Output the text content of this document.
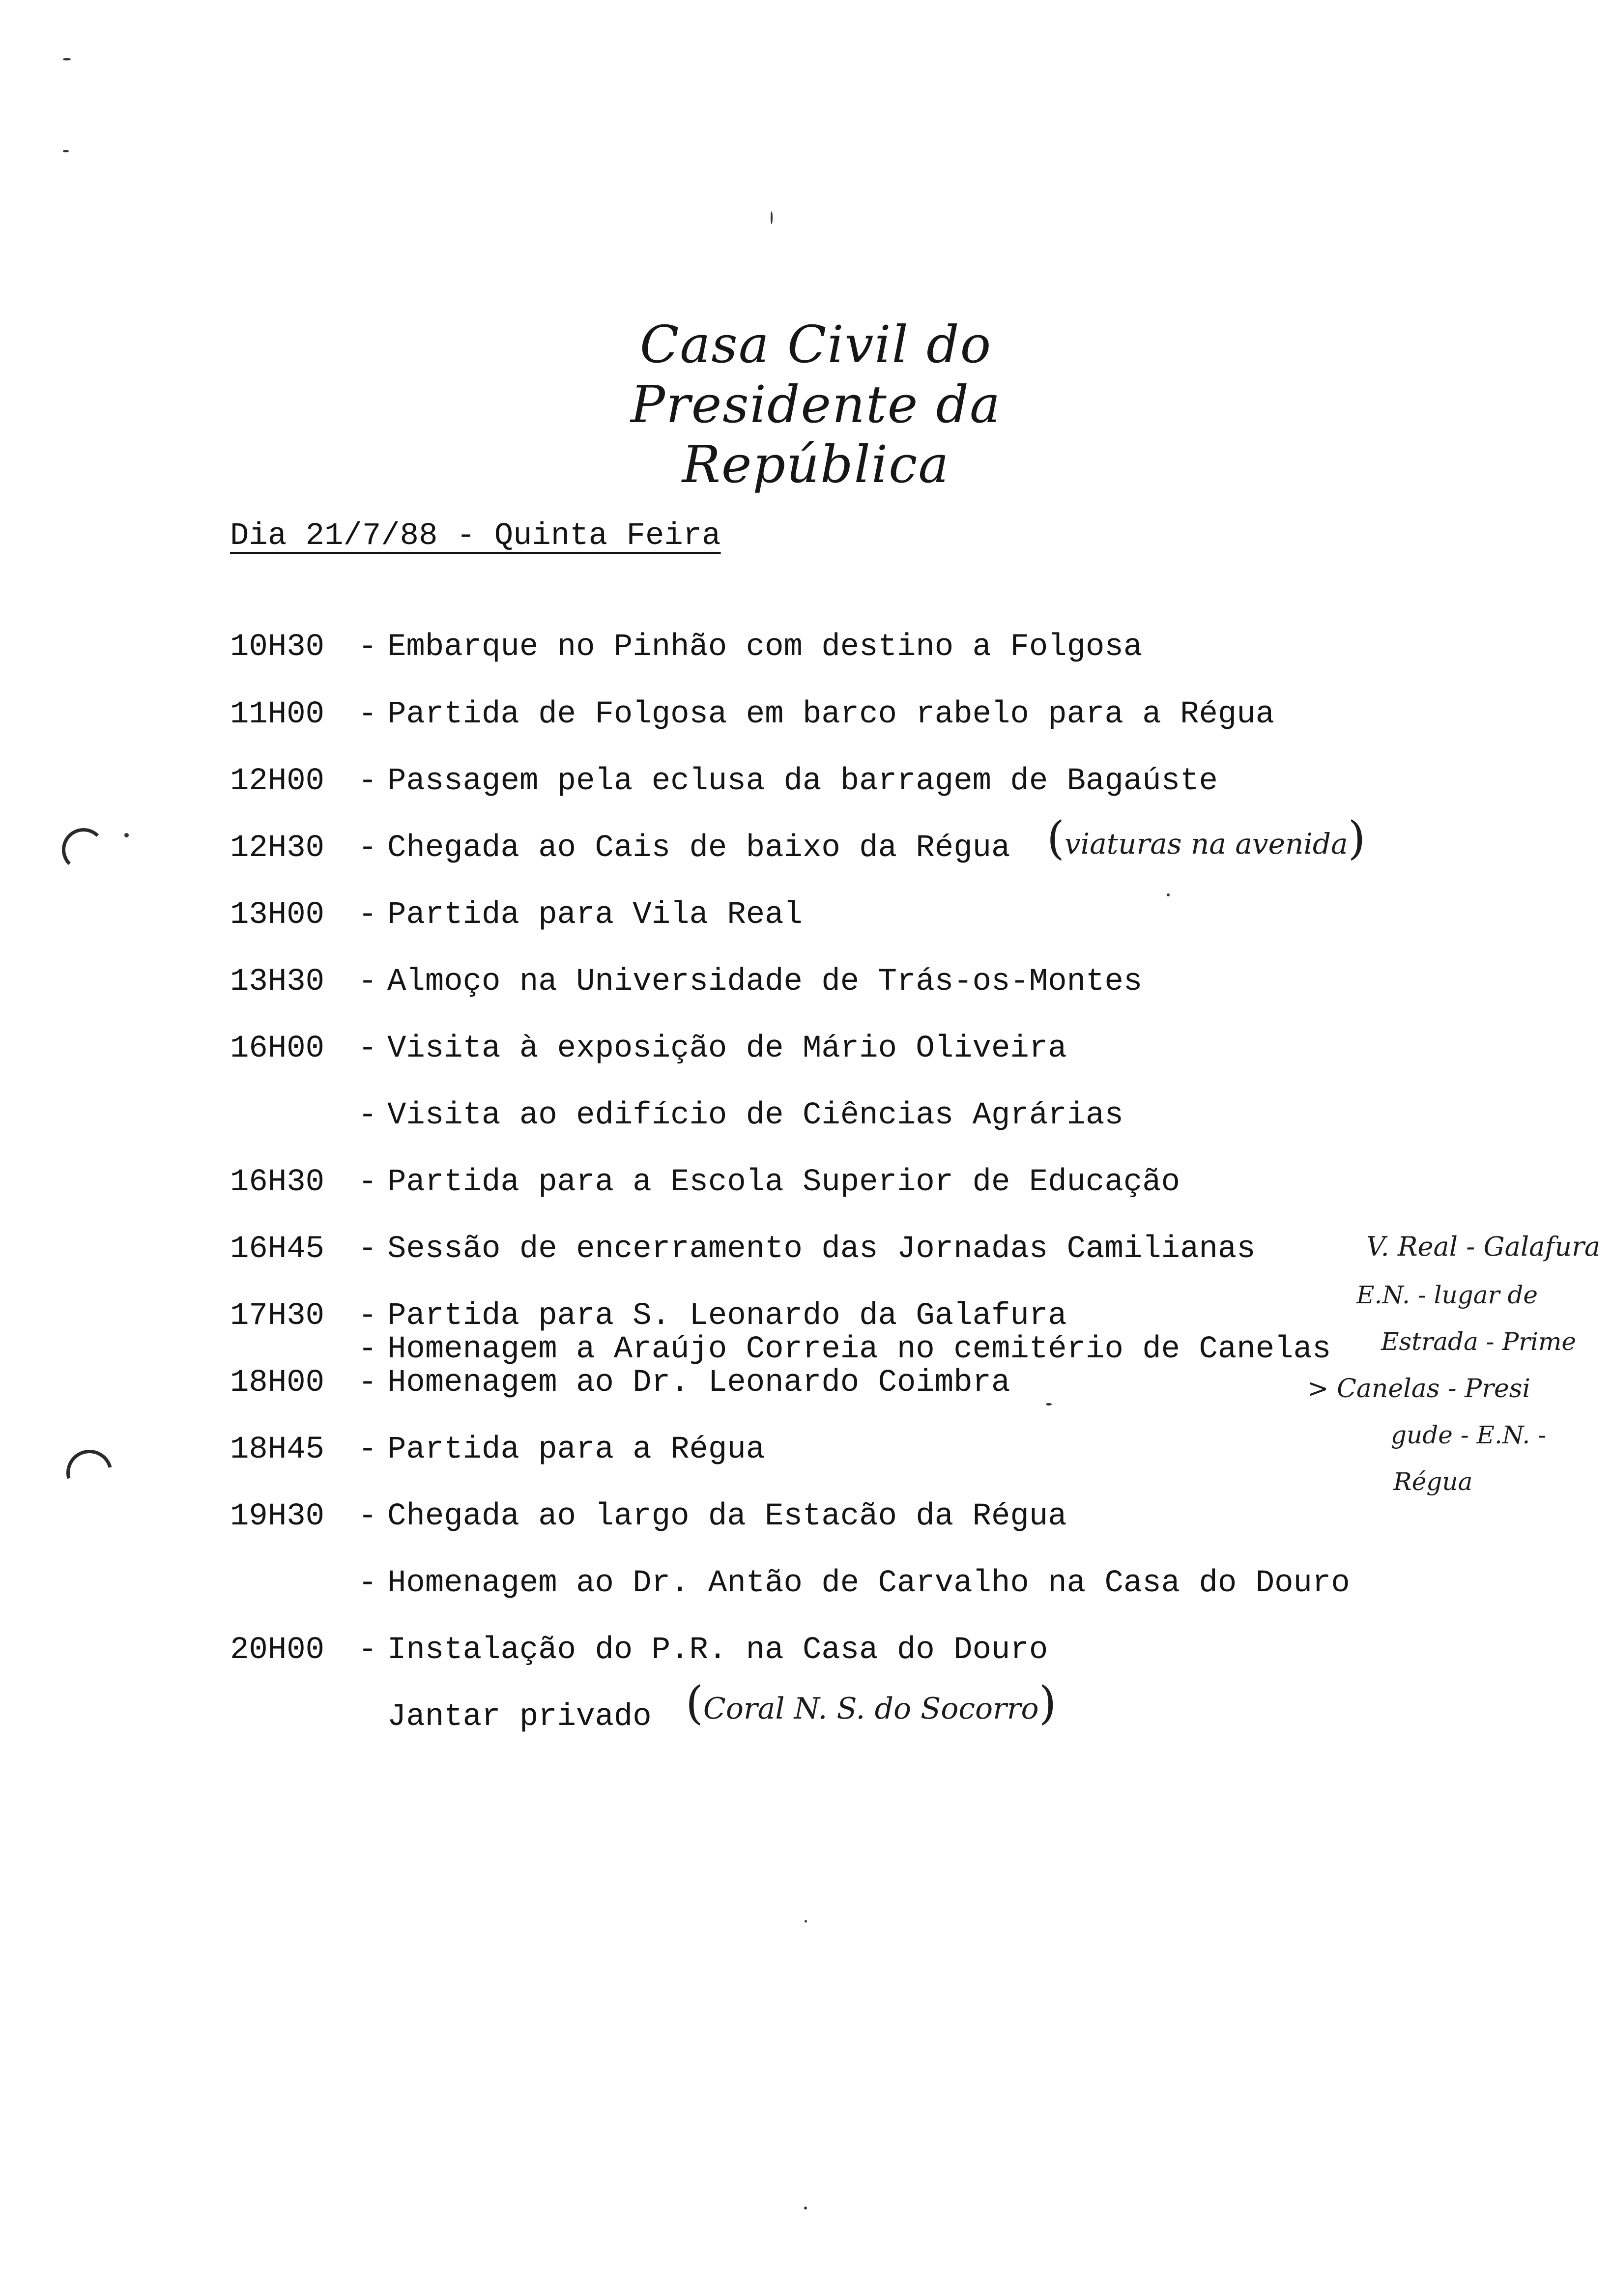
Casa Civil do Presidente da República
Dia 21/7/88 - Quinta Feira
10H30 - Embarque no Pinhão com destino a Folgosa
11H00 - Partida de Folgosa em barco rabelo para a Régua
12H00 - Passagem pela eclusa da barragem de Bagaúste
12H30 - Chegada ao Cais de baixo da Régua
13H00 - Partida para Vila Real
13H30 - Almoço na Universidade de Trás-os-Montes
16H00 - Visita à exposição de Mário Oliveira
- Visita ao edifício de Ciências Agrárias
16H30 - Partida para a Escola Superior de Educação
16H45 - Sessão de encerramento das Jornadas Camilianas
17H30 - Partida para S. Leonardo da Galafura
- Homenagem a Araújo Correia no cemitério de Canelas
18H00 - Homenagem ao Dr. Leonardo Coimbra
18H45 - Partida para a Régua
19H30 - Chegada ao largo da Estacão da Régua
- Homenagem ao Dr. Antão de Carvalho na Casa do Douro
20H00 - Instalação do P.R. na Casa do Douro
Jantar privado
(viaturas na avenida)
(Coral N. S. do Socorro)
V. Real - Galafura
E.N. - lugar de
Estrada - Prime
> Canelas - Presi
gude - E.N. -
Régua
